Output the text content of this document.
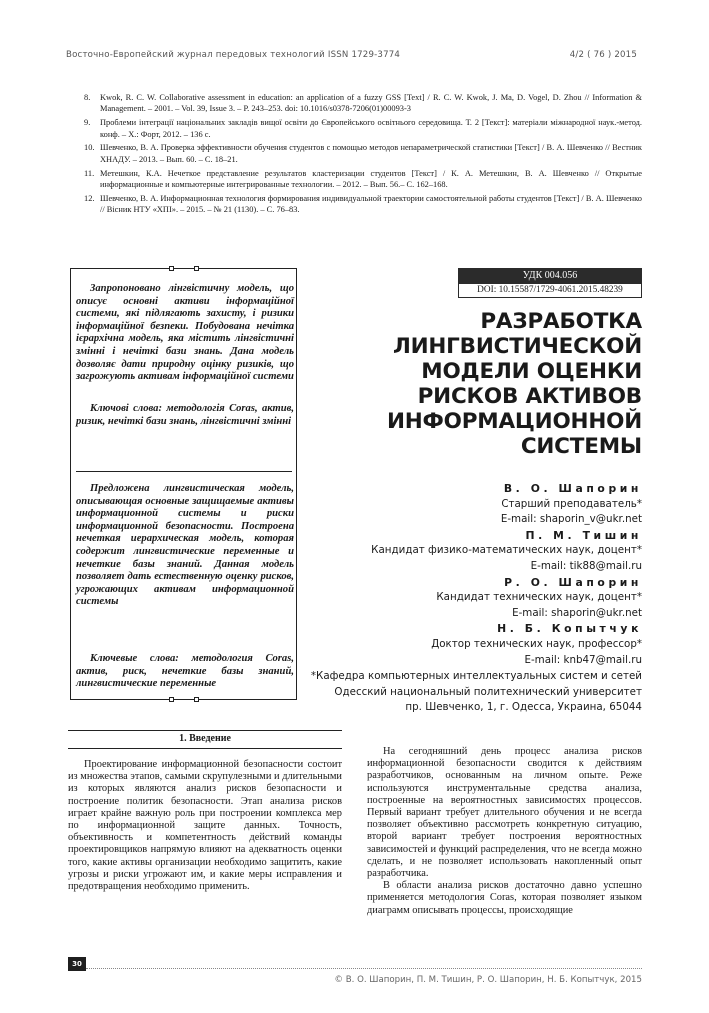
Восточно-Европейский журнал передовых технологий ISSN 1729-3774	4/2 ( 76 ) 2015
8. Kwok, R. C. W. Collaborative assessment in education: an application of a fuzzy GSS [Text] / R. C. W. Kwok, J. Ma, D. Vogel, D. Zhou // Information & Management. – 2001. – Vol. 39, Issue 3. – P. 243–253. doi: 10.1016/s0378-7206(01)00093-3
9. Проблеми інтеграції національних закладів вищої освіти до Європейського освітнього середовища. Т. 2 [Текст]: матеріали міжнародної наук.-метод. конф. – Х.: Форт, 2012. – 136 с.
10. Шевченко, В. А. Проверка эффективности обучения студентов с помощью методов непараметрической статистики [Текст] / В. А. Шевченко // Вестник ХНАДУ. – 2013. – Вып. 60. – С. 18–21.
11. Метешкин, К.А. Нечеткое представление результатов кластеризации студентов [Текст] / К. А. Метешкин, В. А. Шевченко // Открытые информационные и компьютерные интегрированные технологии. – 2012. – Вып. 56.– С. 162–168.
12. Шевченко, В. А. Информационная технология формирования индивидуальной траектории самостоятельной работы студентов [Текст] / В. А. Шевченко // Вісник НТУ «ХПІ». – 2015. – № 21 (1130). – С. 76–83.

Запропоновано лінгвістичну модель, що описує основні активи інформаційної системи, які підлягають захисту, і ризики інформаційної безпеки. Побудована нечітка ієрархічна модель, яка містить лінгвістичні змінні і нечіткі бази знань. Дана модель дозволяє дати природну оцінку ризиків, що загрожують активам інформаційної системи

Ключові слова: методологія Coras, актив, ризик, нечіткі бази знань, лінгвістичні змінні

Предложена лингвистическая модель, описывающая основные защищаемые активы информационной системы и риски информационной безопасности. Построена нечеткая иерархическая модель, которая содержит лингвистические переменные и нечеткие базы знаний. Данная модель позволяет дать естественную оценку рисков, угрожающих активам информационной системы

Ключевые слова: методология Coras, актив, риск, нечеткие базы знаний, лингвистические переменные

УДК 004.056
DOI: 10.15587/1729-4061.2015.48239
РАЗРАБОТКА
ЛИНГВИСТИЧЕСКОЙ
МОДЕЛИ ОЦЕНКИ
РИСКОВ АКТИВОВ
ИНФОРМАЦИОННОЙ
СИСТЕМЫ
В. О. Шапорин
Старший преподаватель*
E-mail: shaporin_v@ukr.net
П. М. Тишин
Кандидат физико-математических наук, доцент*
E-mail: tik88@mail.ru
Р. О. Шапорин
Кандидат технических наук, доцент*
E-mail: shaporin@ukr.net
Н. Б. Копытчук
Доктор технических наук, профессор*
E-mail: knb47@mail.ru
*Кафедра компьютерных интеллектуальных систем и сетей
Одесский национальный политехнический университет
пр. Шевченко, 1, г. Одесса, Украина, 65044
1. Введение

Проектирование информационной безопасности состоит из множества этапов, самыми скрупулезными и длительными из которых являются анализ рисков безопасности и построение политик безопасности. Этап анализа рисков играет крайне важную роль при построении комплекса мер по информационной защите данных. Точность, объективность и компетентность действий команды проектировщиков напрямую влияют на адекватность оценки того, какие активы организации необходимо защитить, какие угрозы и риски угрожают им, и какие меры исправления и предотвращения необходимо применить.

На сегодняшний день процесс анализа рисков информационной безопасности сводится к действиям разработчиков, основанным на личном опыте. Реже используются инструментальные средства анализа, построенные на вероятностных зависимостях процессов. Первый вариант требует длительного обучения и не всегда позволяет объективно рассмотреть конкретную ситуацию, второй вариант требует построения вероятностных зависимостей и функций распределения, что не всегда можно сделать, и не позволяет использовать накопленный опыт разработчика.

В области анализа рисков достаточно давно успешно применяется методология Coras, которая позволяет языком диаграмм описывать процессы, происходящие

30
© В. О. Шапорин, П. М. Тишин, Р. О. Шапорин, Н. Б. Копытчук, 2015
